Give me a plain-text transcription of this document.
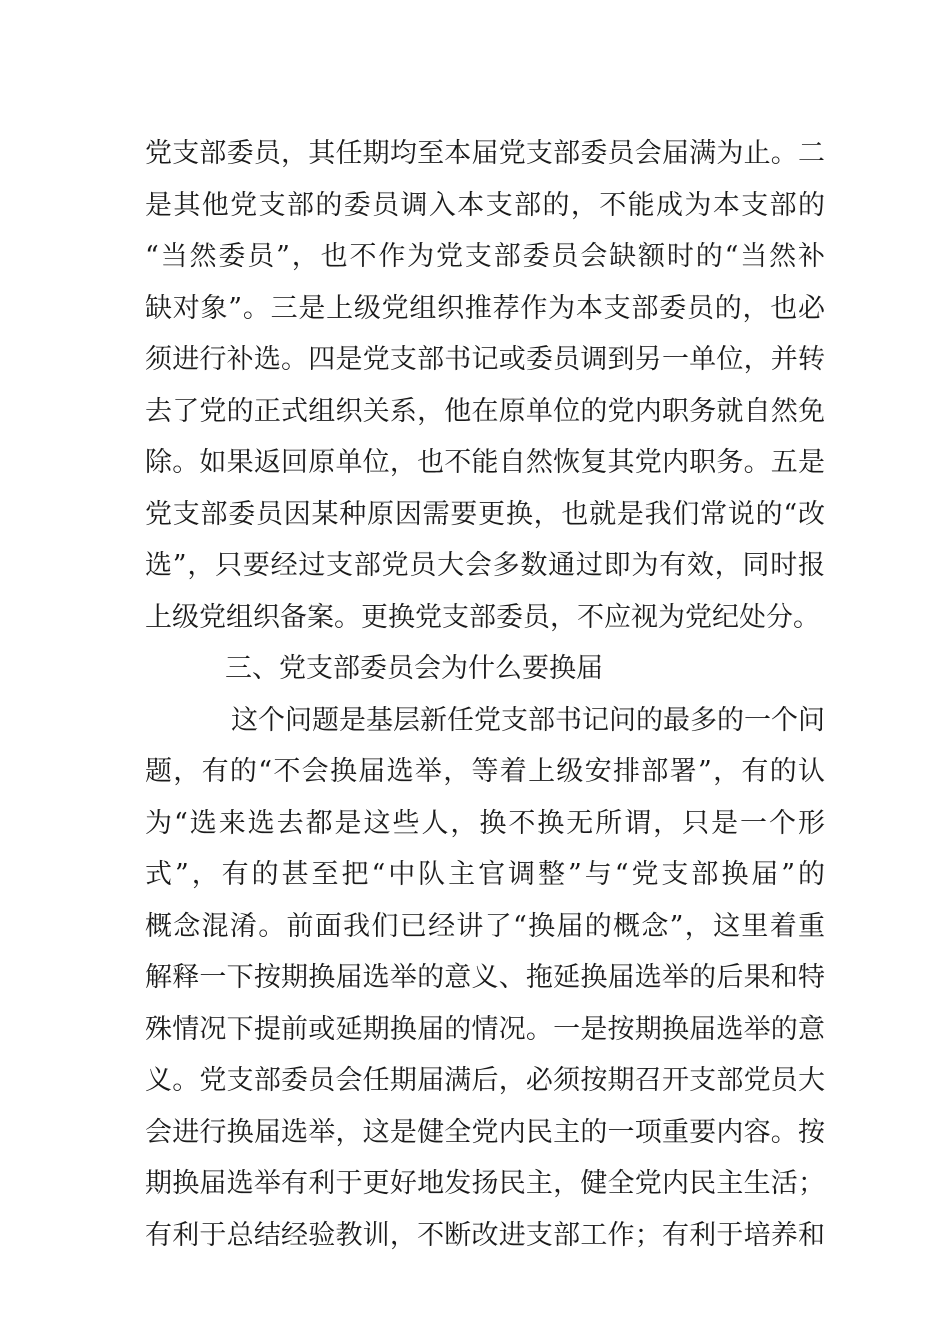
党支部委员，其任期均至本届党支部委员会届满为止。二
是其他党支部的委员调入本支部的，不能成为本支部的
“当然委员”，也不作为党支部委员会缺额时的“当然补
缺对象”。三是上级党组织推荐作为本支部委员的，也必
须进行补选。四是党支部书记或委员调到另一单位，并转
去了党的正式组织关系，他在原单位的党内职务就自然免
除。如果返回原单位，也不能自然恢复其党内职务。五是
党支部委员因某种原因需要更换，也就是我们常说的“改
选”，只要经过支部党员大会多数通过即为有效，同时报
上级党组织备案。更换党支部委员，不应视为党纪处分。
三、党支部委员会为什么要换届
这个问题是基层新任党支部书记问的最多的一个问
题，有的“不会换届选举，等着上级安排部署”，有的认
为“选来选去都是这些人，换不换无所谓，只是一个形
式”，有的甚至把“中队主官调整”与“党支部换届”的
概念混淆。前面我们已经讲了“换届的概念”，这里着重
解释一下按期换届选举的意义、拖延换届选举的后果和特
殊情况下提前或延期换届的情况。一是按期换届选举的意
义。党支部委员会任期届满后，必须按期召开支部党员大
会进行换届选举，这是健全党内民主的一项重要内容。按
期换届选举有利于更好地发扬民主，健全党内民主生活；
有利于总结经验教训，不断改进支部工作；有利于培养和
